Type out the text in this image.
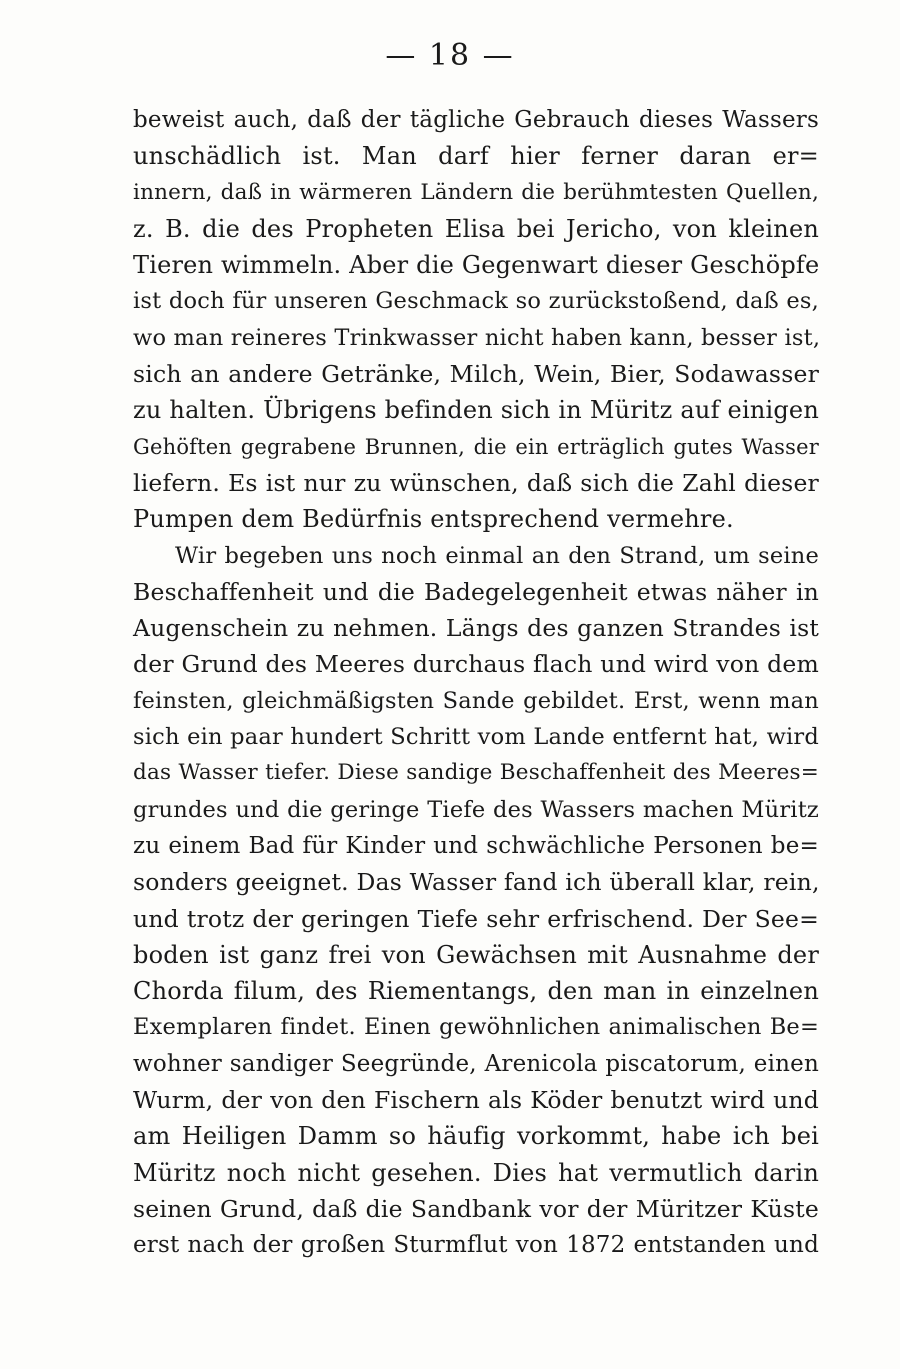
— 18 —
beweist auch, daß der tägliche Gebrauch dieses Wassers
unschädlich ist. Man darf hier ferner daran er=
innern, daß in wärmeren Ländern die berühmtesten Quellen,
z. B. die des Propheten Elisa bei Jericho, von kleinen
Tieren wimmeln. Aber die Gegenwart dieser Geschöpfe
ist doch für unseren Geschmack so zurückstoßend, daß es,
wo man reineres Trinkwasser nicht haben kann, besser ist,
sich an andere Getränke, Milch, Wein, Bier, Sodawasser
zu halten. Übrigens befinden sich in Müritz auf einigen
Gehöften gegrabene Brunnen, die ein erträglich gutes Wasser
liefern. Es ist nur zu wünschen, daß sich die Zahl dieser
Pumpen dem Bedürfnis entsprechend vermehre.
Wir begeben uns noch einmal an den Strand, um seine
Beschaffenheit und die Badegelegenheit etwas näher in
Augenschein zu nehmen. Längs des ganzen Strandes ist
der Grund des Meeres durchaus flach und wird von dem
feinsten, gleichmäßigsten Sande gebildet. Erst, wenn man
sich ein paar hundert Schritt vom Lande entfernt hat, wird
das Wasser tiefer. Diese sandige Beschaffenheit des Meeres=
grundes und die geringe Tiefe des Wassers machen Müritz
zu einem Bad für Kinder und schwächliche Personen be=
sonders geeignet. Das Wasser fand ich überall klar, rein,
und trotz der geringen Tiefe sehr erfrischend. Der See=
boden ist ganz frei von Gewächsen mit Ausnahme der
Chorda filum, des Riementangs, den man in einzelnen
Exemplaren findet. Einen gewöhnlichen animalischen Be=
wohner sandiger Seegründe, Arenicola piscatorum, einen
Wurm, der von den Fischern als Köder benutzt wird und
am Heiligen Damm so häufig vorkommt, habe ich bei
Müritz noch nicht gesehen. Dies hat vermutlich darin
seinen Grund, daß die Sandbank vor der Müritzer Küste
erst nach der großen Sturmflut von 1872 entstanden und
